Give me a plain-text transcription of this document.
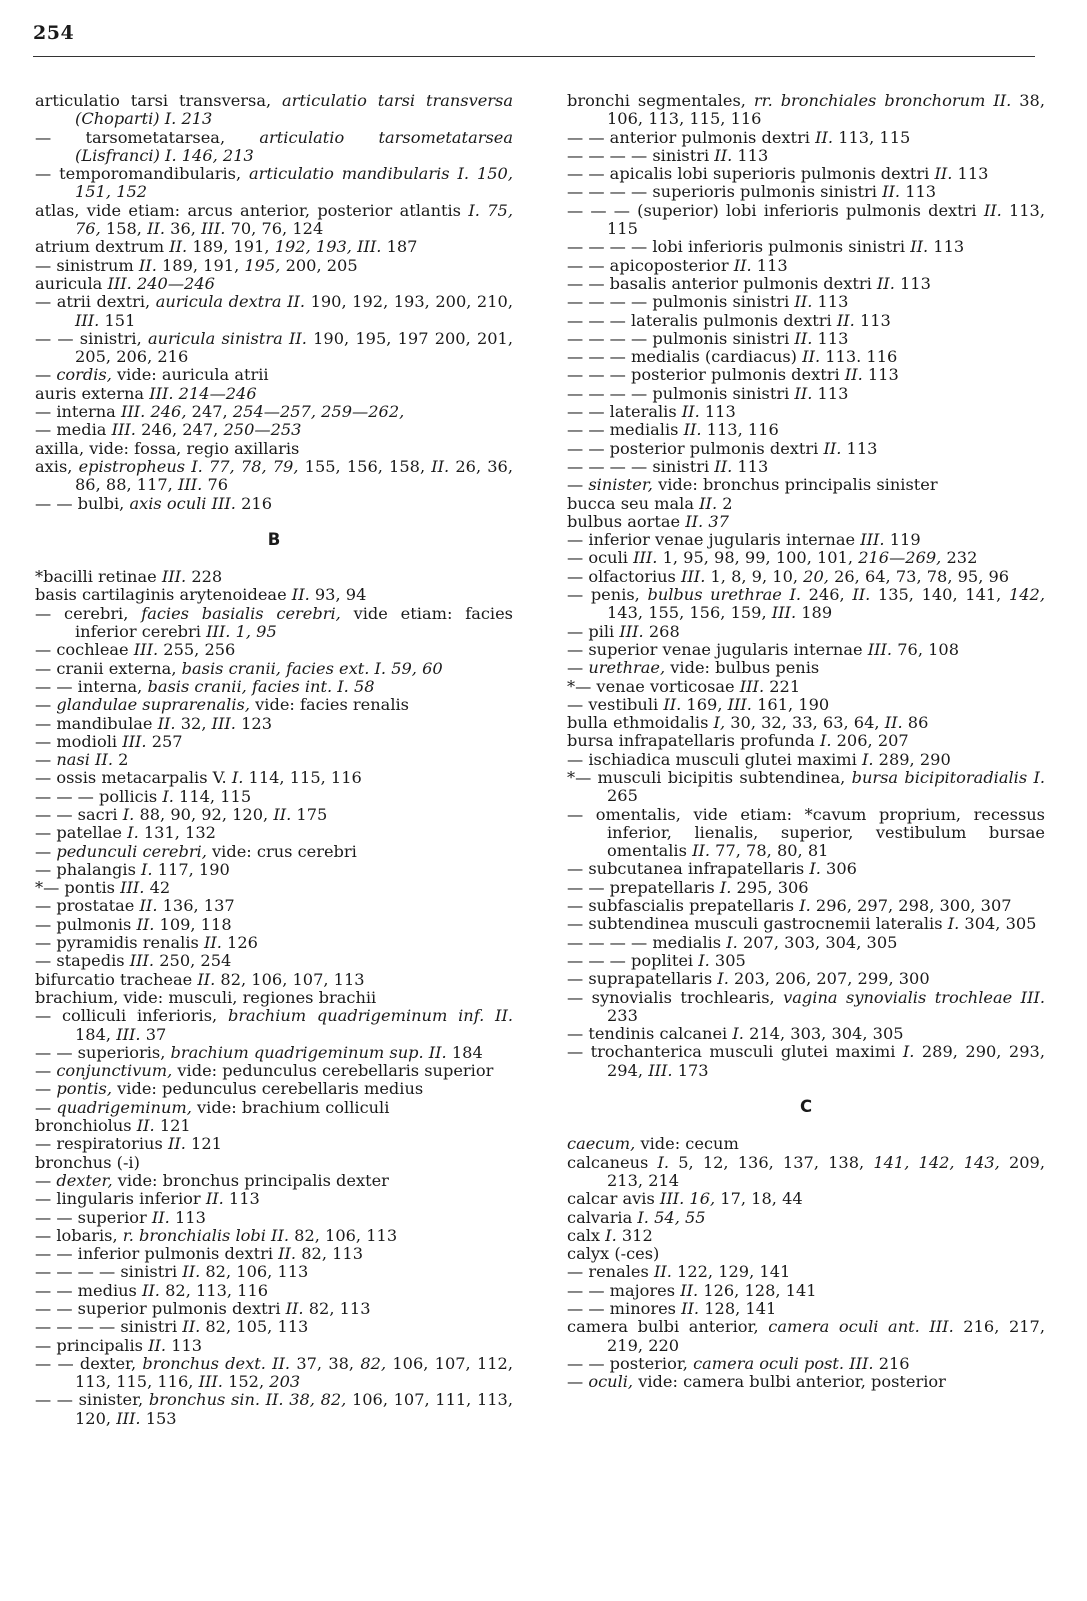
254
articulatio tarsi transversa, articulatio tarsi transversa (Choparti) I. 213
— tarsometatarsea, articulatio tarsometatarsea (Lisfranci) I. 146, 213
— temporomandibularis, articulatio mandibularis I. 150, 151, 152
atlas, vide etiam: arcus anterior, posterior atlantis I. 75, 76, 158, II. 36, III. 70, 76, 124
atrium dextrum II. 189, 191, 192, 193, III. 187
— sinistrum II. 189, 191, 195, 200, 205
auricula III. 240—246
— atrii dextri, auricula dextra II. 190, 192, 193, 200, 210, III. 151
— — sinistri, auricula sinistra II. 190, 195, 197 200, 201, 205, 206, 216
— cordis, vide: auricula atrii
auris externa III. 214—246
— interna III. 246, 247, 254—257, 259—262,
— media III. 246, 247, 250—253
axilla, vide: fossa, regio axillaris
axis, epistropheus I. 77, 78, 79, 155, 156, 158, II. 26, 36, 86, 88, 117, III. 76
— — bulbi, axis oculi III. 216
B
*bacilli retinae III. 228
basis cartilaginis arytenoideae II. 93, 94
— cerebri, facies basialis cerebri, vide etiam: facies inferior cerebri III. 1, 95
— cochleae III. 255, 256
— cranii externa, basis cranii, facies ext. I. 59, 60
— — interna, basis cranii, facies int. I. 58
— glandulae suprarenalis, vide: facies renalis
— mandibulae II. 32, III. 123
— modioli III. 257
— nasi II. 2
— ossis metacarpalis V. I. 114, 115, 116
— — — pollicis I. 114, 115
— — sacri I. 88, 90, 92, 120, II. 175
— patellae I. 131, 132
— pedunculi cerebri, vide: crus cerebri
— phalangis I. 117, 190
*— pontis III. 42
— prostatae II. 136, 137
— pulmonis II. 109, 118
— pyramidis renalis II. 126
— stapedis III. 250, 254
bifurcatio tracheae II. 82, 106, 107, 113
brachium, vide: musculi, regiones brachii
— colliculi inferioris, brachium quadrigeminum inf. II. 184, III. 37
— — superioris, brachium quadrigeminum sup. II. 184
— conjunctivum, vide: pedunculus cerebellaris superior
— pontis, vide: pedunculus cerebellaris medius
— quadrigeminum, vide: brachium colliculi
bronchiolus II. 121
— respiratorius II. 121
bronchus (-i)
— dexter, vide: bronchus principalis dexter
— lingularis inferior II. 113
— — superior II. 113
— lobaris, r. bronchialis lobi II. 82, 106, 113
— — inferior pulmonis dextri II. 82, 113
— — — — sinistri II. 82, 106, 113
— — medius II. 82, 113, 116
— — superior pulmonis dextri II. 82, 113
— — — — sinistri II. 82, 105, 113
— principalis II. 113
— — dexter, bronchus dext. II. 37, 38, 82, 106, 107, 112, 113, 115, 116, III. 152, 203
— — sinister, bronchus sin. II. 38, 82, 106, 107, 111, 113, 120, III. 153
bronchi segmentales, rr. bronchiales bronchorum II. 38, 106, 113, 115, 116
— — anterior pulmonis dextri II. 113, 115
— — — — sinistri II. 113
— — apicalis lobi superioris pulmonis dextri II. 113
— — — — superioris pulmonis sinistri II. 113
— — — (superior) lobi inferioris pulmonis dextri II. 113, 115
— — — — lobi inferioris pulmonis sinistri II. 113
— — apicoposterior II. 113
— — basalis anterior pulmonis dextri II. 113
— — — — pulmonis sinistri II. 113
— — — lateralis pulmonis dextri II. 113
— — — — pulmonis sinistri II. 113
— — — medialis (cardiacus) II. 113. 116
— — — posterior pulmonis dextri II. 113
— — — — pulmonis sinistri II. 113
— — lateralis II. 113
— — medialis II. 113, 116
— — posterior pulmonis dextri II. 113
— — — — sinistri II. 113
— sinister, vide: bronchus principalis sinister
bucca seu mala II. 2
bulbus aortae II. 37
— inferior venae jugularis internae III. 119
— oculi III. 1, 95, 98, 99, 100, 101, 216—269, 232
— olfactorius III. 1, 8, 9, 10, 20, 26, 64, 73, 78, 95, 96
— penis, bulbus urethrae I. 246, II. 135, 140, 141, 142, 143, 155, 156, 159, III. 189
— pili III. 268
— superior venae jugularis internae III. 76, 108
— urethrae, vide: bulbus penis
*— venae vorticosae III. 221
— vestibuli II. 169, III. 161, 190
bulla ethmoidalis I, 30, 32, 33, 63, 64, II. 86
bursa infrapatellaris profunda I. 206, 207
— ischiadica musculi glutei maximi I. 289, 290
*— musculi bicipitis subtendinea, bursa bicipitoradialis I. 265
— omentalis, vide etiam: *cavum proprium, recessus inferior, lienalis, superior, vestibulum bursae omentalis II. 77, 78, 80, 81
— subcutanea infrapatellaris I. 306
— — prepatellaris I. 295, 306
— subfascialis prepatellaris I. 296, 297, 298, 300, 307
— subtendinea musculi gastrocnemii lateralis I. 304, 305
— — — — medialis I. 207, 303, 304, 305
— — — poplitei I. 305
— suprapatellaris I. 203, 206, 207, 299, 300
— synovialis trochlearis, vagina synovialis trochleae III. 233
— tendinis calcanei I. 214, 303, 304, 305
— trochanterica musculi glutei maximi I. 289, 290, 293, 294, III. 173
C
caecum, vide: cecum
calcaneus I. 5, 12, 136, 137, 138, 141, 142, 143, 209, 213, 214
calcar avis III. 16, 17, 18, 44
calvaria I. 54, 55
calx I. 312
calyx (-ces)
— renales II. 122, 129, 141
— — majores II. 126, 128, 141
— — minores II. 128, 141
camera bulbi anterior, camera oculi ant. III. 216, 217, 219, 220
— — posterior, camera oculi post. III. 216
— oculi, vide: camera bulbi anterior, posterior
